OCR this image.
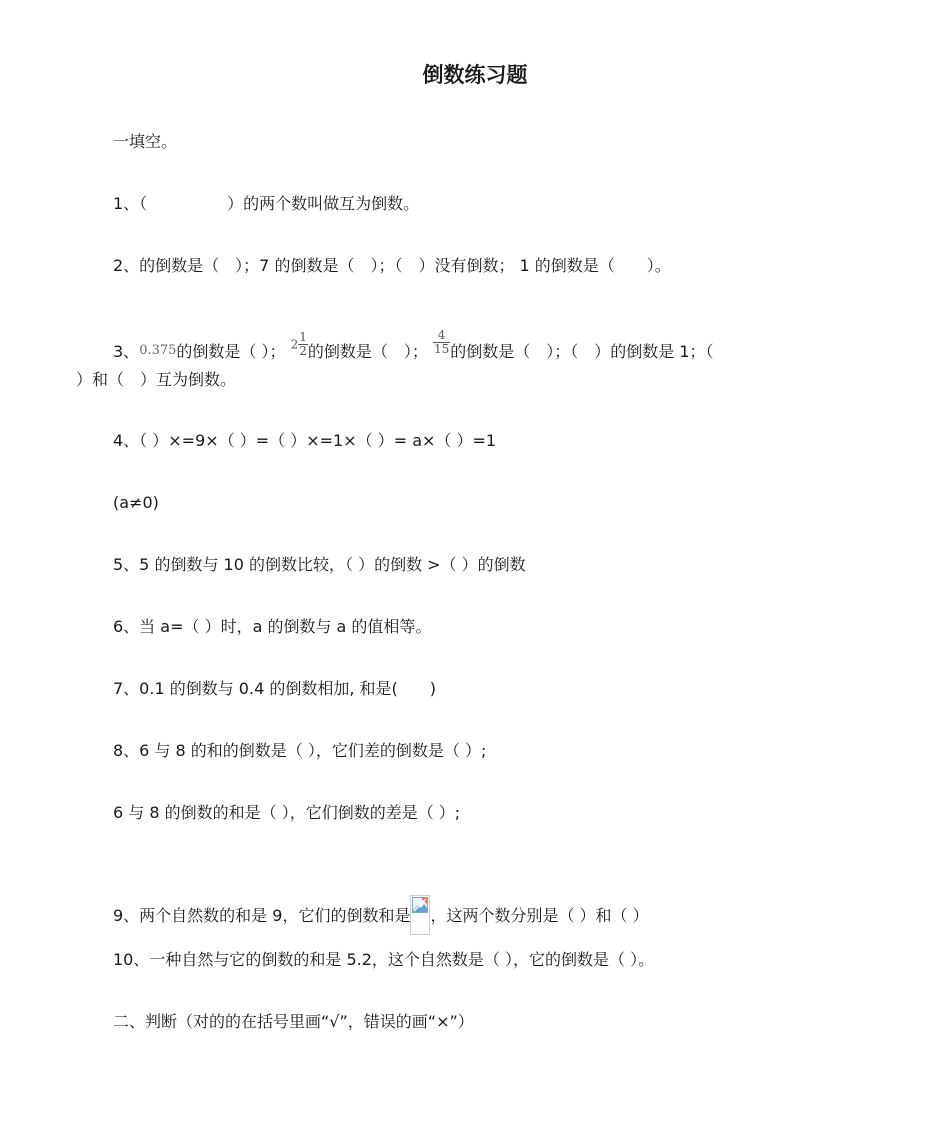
倒数练习题
一填空。
1、（　　　　　）的两个数叫做互为倒数。
2、的倒数是（　）；7 的倒数是（　）；（　）没有倒数； 1 的倒数是（　　）。
3、0.375的倒数是（ ）； $2 \frac{1}{2}$ 的倒数是（　）； $\frac{4}{15}$ 的倒数是（　）；（　）的倒数是 1；（
）和（　）互为倒数。
4、（ ）×=9×（ ）=（ ）×=1×（ ）= a×（ ）=1
(a≠0)
5、5 的倒数与 10 的倒数比较，（ ）的倒数 >（ ）的倒数
6、当 a=（ ）时，a 的倒数与 a 的值相等。
7、0.1 的倒数与 0.4 的倒数相加, 和是(　　)
8、6 与 8 的和的倒数是（ ），它们差的倒数是（ ）;
6 与 8 的倒数的和是（ ），它们倒数的差是（ ）;
9、两个自然数的和是 9，它们的倒数和是 ，这两个数分别是（ ）和（ ）
10、一种自然与它的倒数的和是 5.2，这个自然数是（ ），它的倒数是（ ）。
二、判断（对的的在括号里画“√”，错误的画“×”）
